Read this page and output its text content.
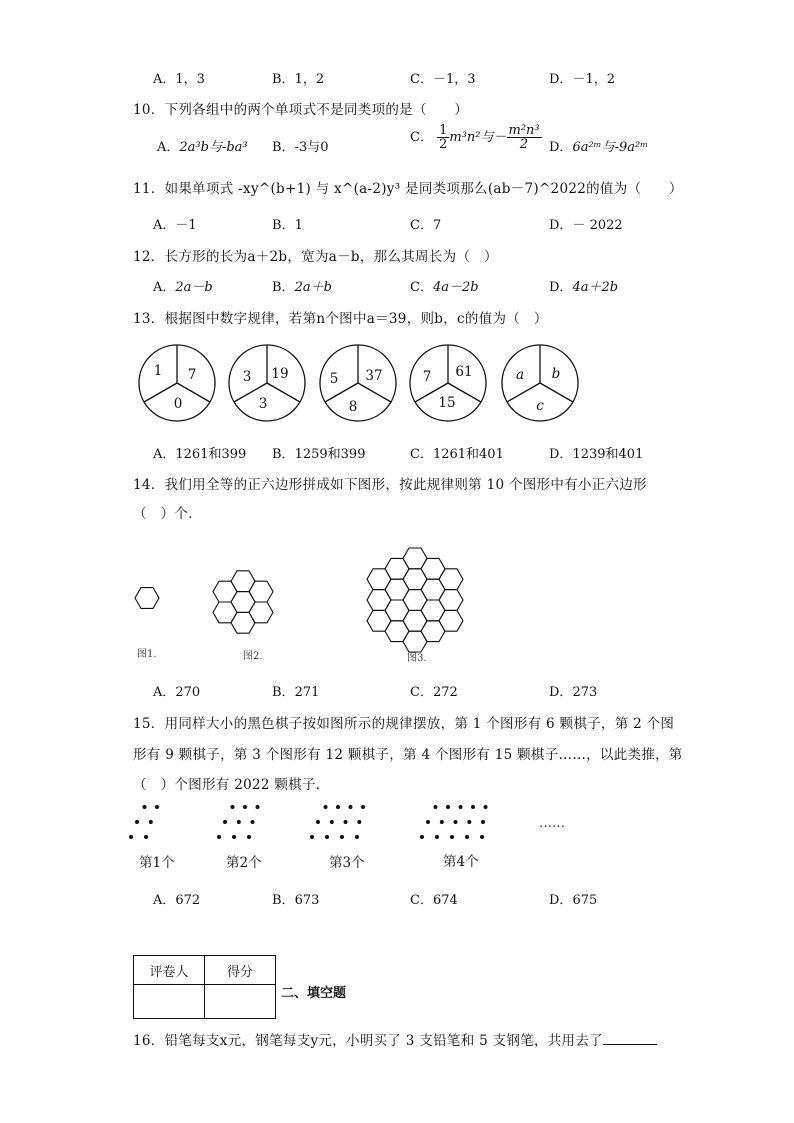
A．1，3	B．1，2	C．－1，3	D．－1，2
10．下列各组中的两个单项式不是同类项的是（　　）
A．2a³b与-ba³ B．-3与0
C． $\frac{1}{2} m^3n^2$与－ $\frac{\text{m²n³}}{2}$ D．6a²ᵐ与-9a²ᵐ
11．如果单项式 -xy^(b+1) 与 x^(a-2)y³ 是同类项那么(ab－7)^2022的值为（　　）
A．－1	B．1	C．7	D．－ 2022
12．长方形的长为a＋2b，宽为a－b，那么其周长为（　）
A．2a－b	B．2a＋b	C．4a－2b	D．4a＋2b
13．根据图中数字规律，若第n个图中a＝39，则b，c的值为（　）
1 7
0
3 19
3
5 37
8
7 61
15
a b
c
A．1261和399 B．1259和399	C．1261和401	D．1239和401
14．我们用全等的正六边形拼成如下图形，按此规律则第 10 个图形中有小正六边形
（　）个．
图1.	图2.	图3.
A．270	B．271	C．272	D．273
15．用同样大小的黑色棋子按如图所示的规律摆放，第 1 个图形有 6 颗棋子，第 2 个图
形有 9 颗棋子，第 3 个图形有 12 颗棋子，第 4 个图形有 15 颗棋子……，以此类推，第
（　）个图形有 2022 颗棋子．
……
第1个	第2个	第3个	第4个
A．672	B．673	C．674	D．675
评卷人	得分

二、填空题
16．铅笔每支x元，钢笔每支y元，小明买了 3 支铅笔和 5 支钢笔，共用去了
